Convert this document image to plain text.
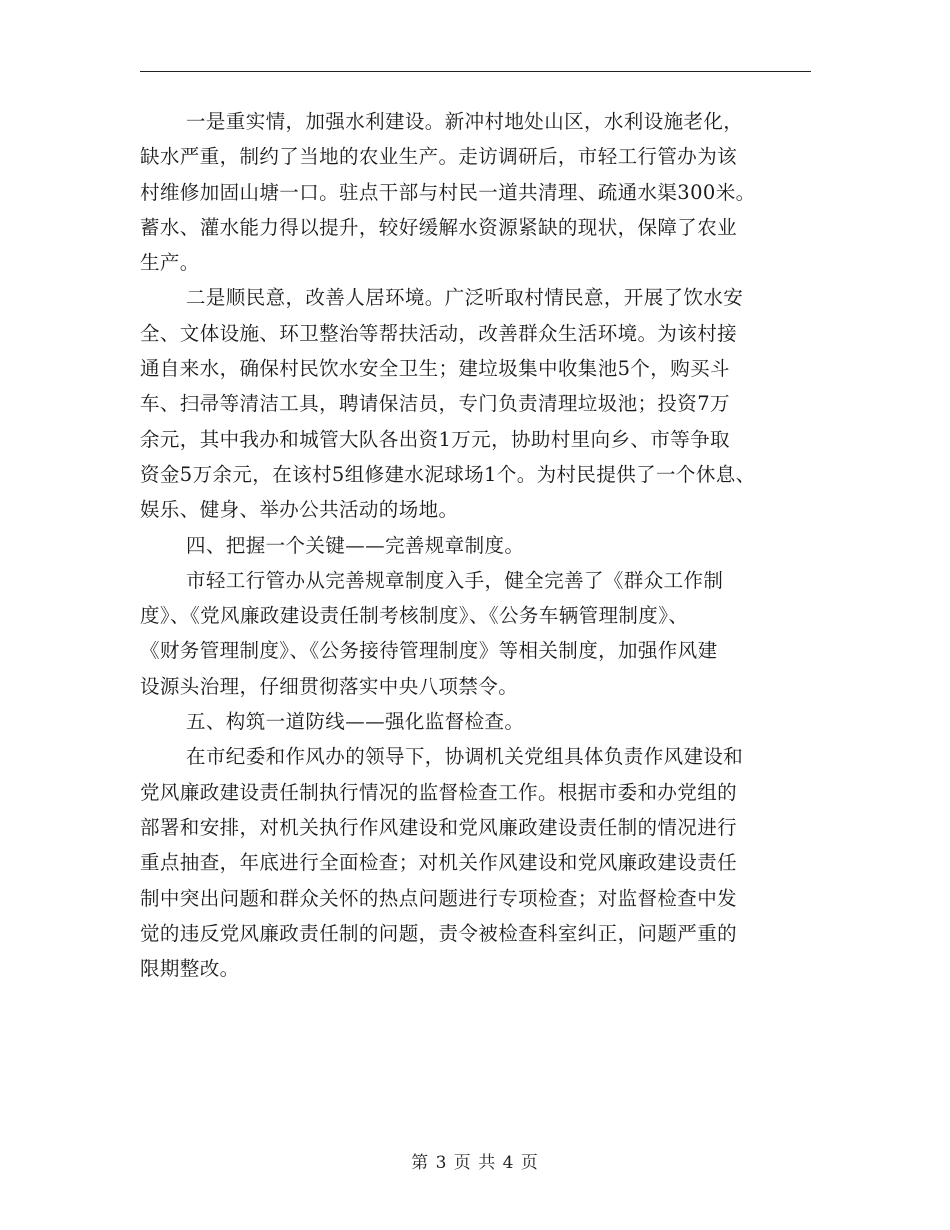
一是重实情，加强水利建设。新冲村地处山区，水利设施老化，
缺水严重，制约了当地的农业生产。走访调研后，市轻工行管办为该
村维修加固山塘一口。驻点干部与村民一道共清理、疏通水渠300米。
蓄水、灌水能力得以提升，较好缓解水资源紧缺的现状，保障了农业
生产。
二是顺民意，改善人居环境。广泛听取村情民意，开展了饮水安
全、文体设施、环卫整治等帮扶活动，改善群众生活环境。为该村接
通自来水，确保村民饮水安全卫生；建垃圾集中收集池5个，购买斗
车、扫帚等清洁工具，聘请保洁员，专门负责清理垃圾池；投资7万
余元，其中我办和城管大队各出资1万元，协助村里向乡、市等争取
资金5万余元，在该村5组修建水泥球场1个。为村民提供了一个休息、
娱乐、健身、举办公共活动的场地。
四、把握一个关键——完善规章制度。
市轻工行管办从完善规章制度入手，健全完善了《群众工作制
度》、《党风廉政建设责任制考核制度》、《公务车辆管理制度》、
《财务管理制度》、《公务接待管理制度》等相关制度，加强作风建
设源头治理，仔细贯彻落实中央八项禁令。
五、构筑一道防线——强化监督检查。
在市纪委和作风办的领导下，协调机关党组具体负责作风建设和
党风廉政建设责任制执行情况的监督检查工作。根据市委和办党组的
部署和安排，对机关执行作风建设和党风廉政建设责任制的情况进行
重点抽查，年底进行全面检查；对机关作风建设和党风廉政建设责任
制中突出问题和群众关怀的热点问题进行专项检查；对监督检查中发
觉的违反党风廉政责任制的问题，责令被检查科室纠正，问题严重的
限期整改。
第 3 页 共 4 页
